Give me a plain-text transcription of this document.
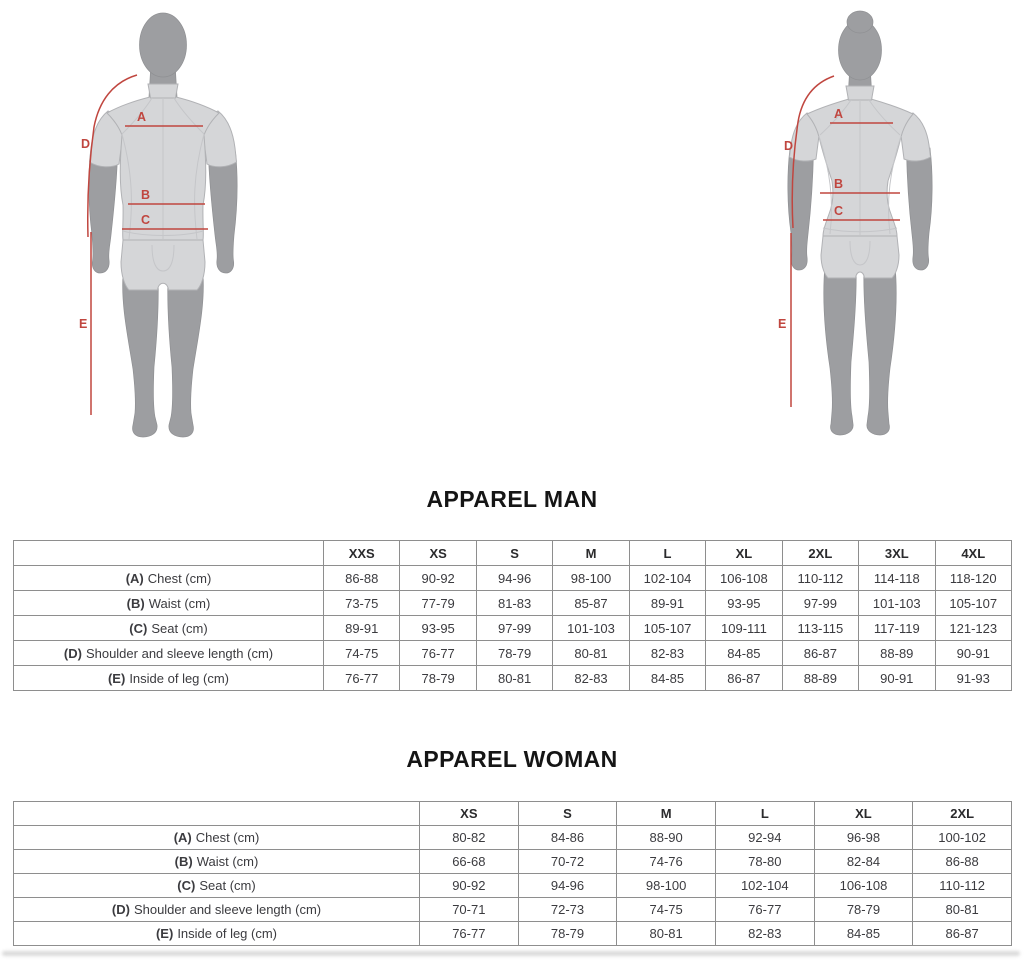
A
B
C
D
E
A
B
C
D
E
APPAREL MAN
	XXS	XS	S	M	L	XL	2XL	3XL	4XL
(A) Chest (cm)	86-88	90-92	94-96	98-100	102-104	106-108	110-112	114-118	118-120
(B) Waist (cm)	73-75	77-79	81-83	85-87	89-91	93-95	97-99	101-103	105-107
(C) Seat (cm)	89-91	93-95	97-99	101-103	105-107	109-111	113-115	117-119	121-123
(D) Shoulder and sleeve length (cm)	74-75	76-77	78-79	80-81	82-83	84-85	86-87	88-89	90-91
(E) Inside of leg (cm)	76-77	78-79	80-81	82-83	84-85	86-87	88-89	90-91	91-93
APPAREL WOMAN
	XS	S	M	L	XL	2XL
(A) Chest (cm)	80-82	84-86	88-90	92-94	96-98	100-102
(B) Waist (cm)	66-68	70-72	74-76	78-80	82-84	86-88
(C) Seat (cm)	90-92	94-96	98-100	102-104	106-108	110-112
(D) Shoulder and sleeve length (cm)	70-71	72-73	74-75	76-77	78-79	80-81
(E) Inside of leg (cm)	76-77	78-79	80-81	82-83	84-85	86-87
